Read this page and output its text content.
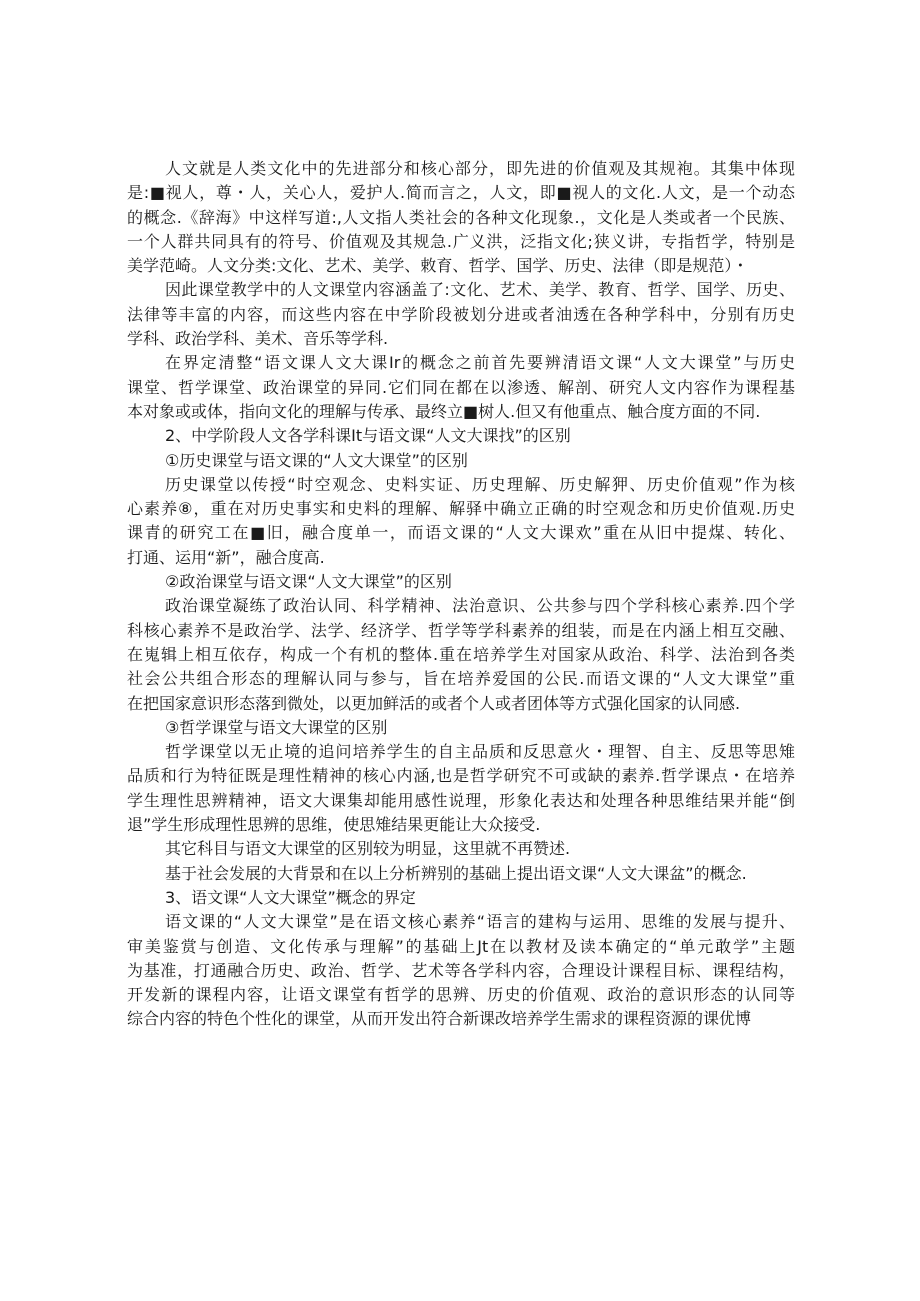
人文就是人类文化中的先进部分和核心部分，即先进的价值观及其规袍。其集中体现
是:■视人，尊・人，关心人，爱护人.简而言之，人文，即■视人的文化.人文，是一个动态
的概念.《辞海》中这样写道:,人文指人类社会的各种文化现象.，文化是人类或者一个民族、
一个人群共同具有的符号、价值观及其规急.广义洪，泛指文化;狭义讲，专指哲学，特别是
美学范崎。人文分类:文化、艺术、美学、敕育、哲学、国学、历史、法律（即是规范）・
因此课堂教学中的人文课堂内容涵盖了:文化、艺术、美学、教育、哲学、国学、历史、
法律等丰富的内容，而这些内容在中学阶段被划分进或者油透在各种学科中，分别有历史
学科、政治学科、美术、音乐等学科.
在界定清整“语文课人文大课Ir的概念之前首先要辨清语文课“人文大课堂”与历史
课堂、哲学课堂、政治课堂的异同.它们同在都在以渗透、解剖、研究人文内容作为课程基
本对象或或体，指向文化的理解与传承、最终立■树人.但又有他重点、触合度方面的不同.
2、中学阶段人文各学科课It与语文课“人文大课找”的区别
①历史课堂与语文课的“人文大课堂”的区别
历史课堂以传授“时空观念、史料实证、历史理解、历史解狎、历史价值观”作为核
心素养⑧，重在对历史事实和史料的理解、解驿中确立正确的时空观念和历史价值观.历史
课青的研究工在■旧，融合度单一，而语文课的“人文大课欢”重在从旧中提煤、转化、
打通、运用“新”，融合度高.
②政治课堂与语文课“人文大课堂”的区别
政治课堂凝练了政治认同、科学精神、法治意识、公共参与四个学科核心素养.四个学
科核心素养不是政治学、法学、经济学、哲学等学科素养的组装，而是在内涵上相互交融、
在嵬辑上相互依存，构成一个有机的整体.重在培养学生对国家从政治、科学、法治到各类
社会公共组合形态的理解认同与参与，旨在培养爱国的公民.而语文课的“人文大课堂”重
在把国家意识形态落到微处，以更加鲜活的或者个人或者团体等方式强化国家的认同感.
③哲学课堂与语文大课堂的区别
哲学课堂以无止境的追问培养学生的自主品质和反思意火・理智、自主、反思等思雉
品质和行为特征既是理性精神的核心内涵,也是哲学研究不可或缺的素养.哲学课点・在培养
学生理性思辨精神，语文大课集却能用感性说理，形象化表达和处理各种思维结果并能“倒
退”学生形成理性思辨的思维，使思雉结果更能让大众接受.
其它科目与语文大课堂的区别较为明显，这里就不再赞述.
基于社会发展的大背景和在以上分析辨别的基础上提出语文课“人文大课盆”的概念.
3、语文课“人文大课堂”概念的界定
语文课的“人文大课堂”是在语文核心素养“语言的建构与运用、思维的发展与提升、
审美鉴赏与创造、文化传承与理解”的基础上Jt在以教材及读本确定的“单元敢学”主题
为基准，打通融合历史、政治、哲学、艺术等各学科内容，合理设计课程目标、课程结构，
开发新的课程内容，让语文课堂有哲学的思辨、历史的价值观、政治的意识形态的认同等
综合内容的特色个性化的课堂，从而开发出符合新课改培养学生需求的课程资源的课优博
